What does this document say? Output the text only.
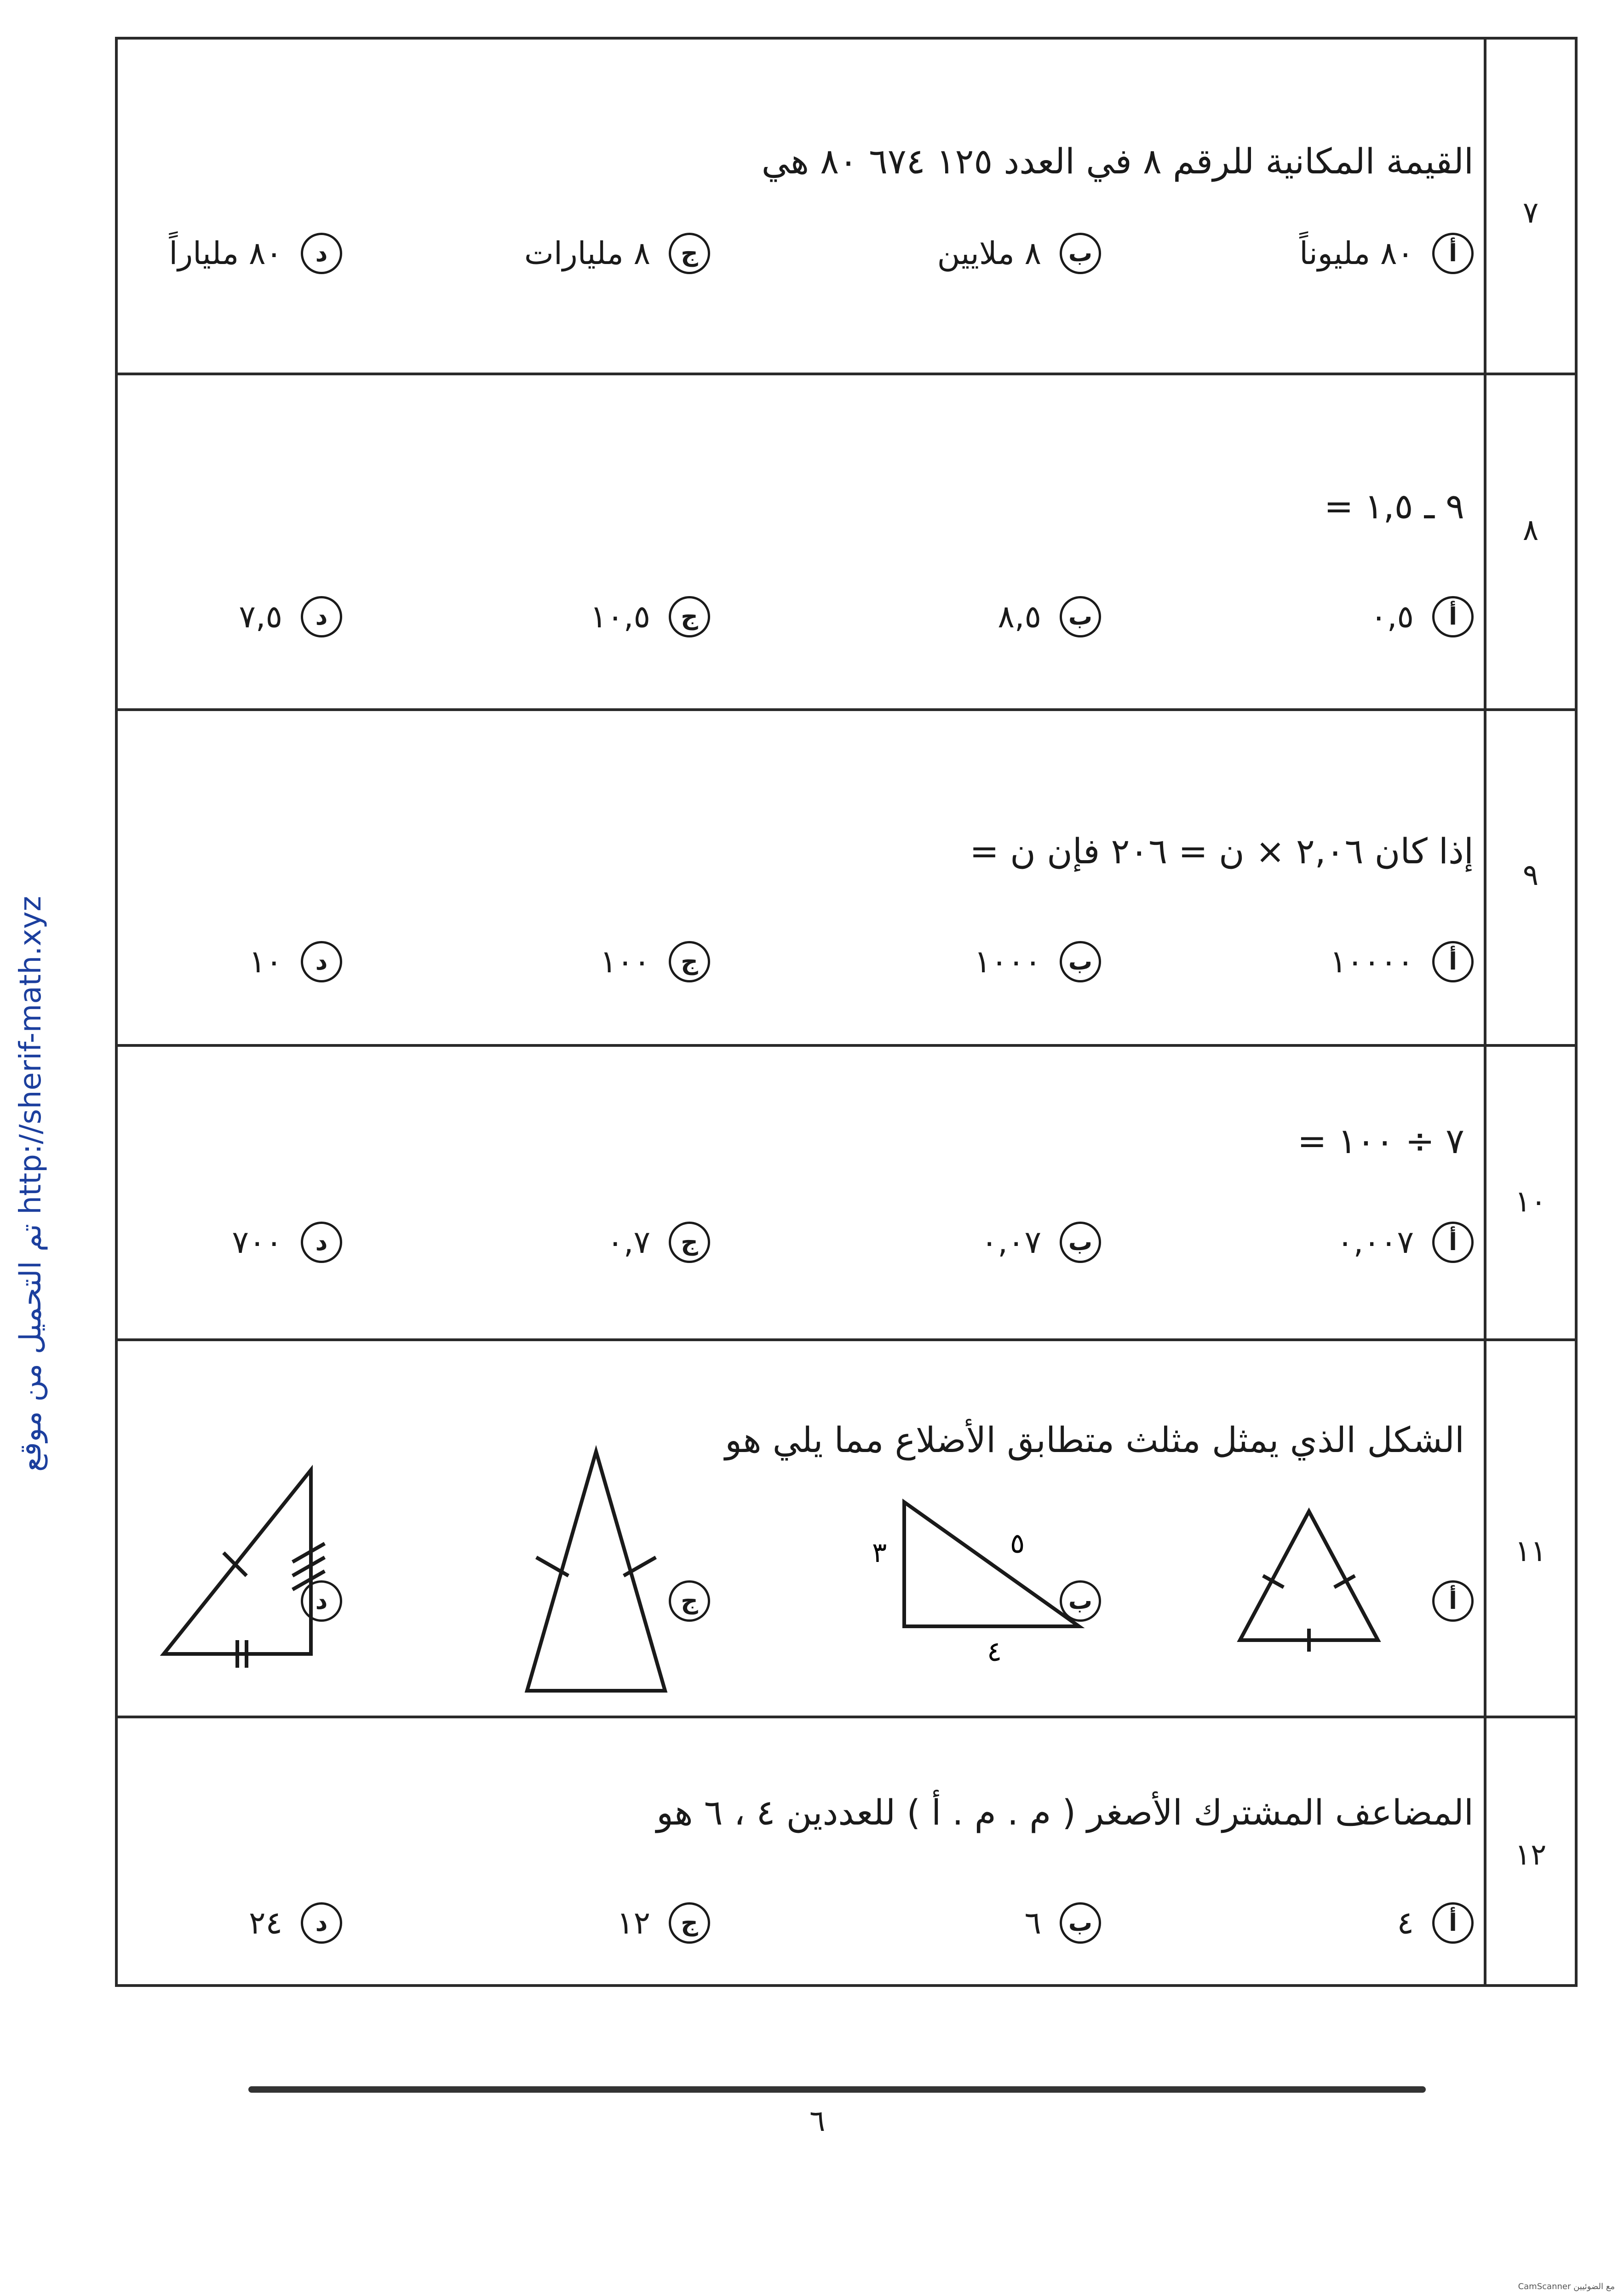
تم التحميل من موقع http://sherif-math.xyz
٧
القيمة المكانية للرقم ٨ في العدد ١٢٥ ٦٧٤ ٨٠ هي
أ
٨٠ مليوناً
ب
٨ ملايين
ج
٨ مليارات
د
٨٠ ملياراً
٨
٩ ـ ١,٥ =
أ
٠,٥
ب
٨,٥
ج
١٠,٥
د
٧,٥
٩
إذا كان ٢,٠٦ × ن = ٢٠٦ فإن ن =
أ
١٠٠٠٠
ب
١٠٠٠
ج
١٠٠
د
١٠
١٠
٧ ÷ ١٠٠ =
أ
٠,٠٠٧
ب
٠,٠٧
ج
٠,٧
د
٧٠٠
١١
الشكل الذي يمثل مثلث متطابق الأضلاع مما يلي هو
أ
ب
٣	٥
٤
ج
د
١٢
المضاعف المشترك الأصغر ( م . م . أ ) للعددين ٤ ، ٦ هو
أ
٤
ب
٦
ج
١٢
د
٢٤
٦
CamScanner مع الضوئيين
